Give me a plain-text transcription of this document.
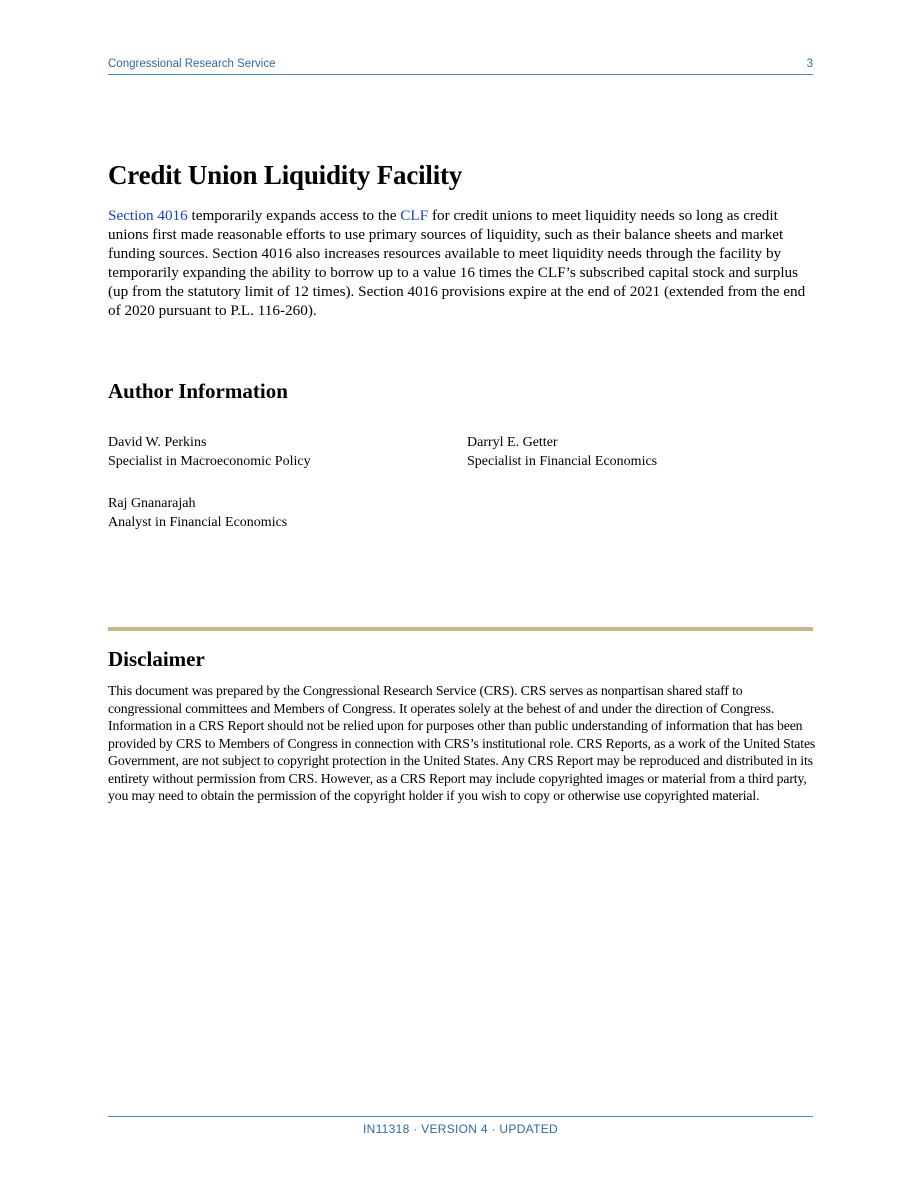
Congressional Research Service	3
Credit Union Liquidity Facility

Section 4016 temporarily expands access to the CLF for credit unions to meet liquidity needs so long as credit unions first made reasonable efforts to use primary sources of liquidity, such as their balance sheets and market funding sources. Section 4016 also increases resources available to meet liquidity needs through the facility by temporarily expanding the ability to borrow up to a value 16 times the CLF’s subscribed capital stock and surplus (up from the statutory limit of 12 times). Section 4016 provisions expire at the end of 2021 (extended from the end of 2020 pursuant to P.L. 116-260).

Author Information
David W. Perkins
Specialist in Macroeconomic Policy
Darryl E. Getter
Specialist in Financial Economics
Raj Gnanarajah
Analyst in Financial Economics
Disclaimer

This document was prepared by the Congressional Research Service (CRS). CRS serves as nonpartisan shared staff to congressional committees and Members of Congress. It operates solely at the behest of and under the direction of Congress. Information in a CRS Report should not be relied upon for purposes other than public understanding of information that has been provided by CRS to Members of Congress in connection with CRS’s institutional role. CRS Reports, as a work of the United States Government, are not subject to copyright protection in the United States. Any CRS Report may be reproduced and distributed in its entirety without permission from CRS. However, as a CRS Report may include copyrighted images or material from a third party, you may need to obtain the permission of the copyright holder if you wish to copy or otherwise use copyrighted material.

IN11318 · VERSION 4 · UPDATED
